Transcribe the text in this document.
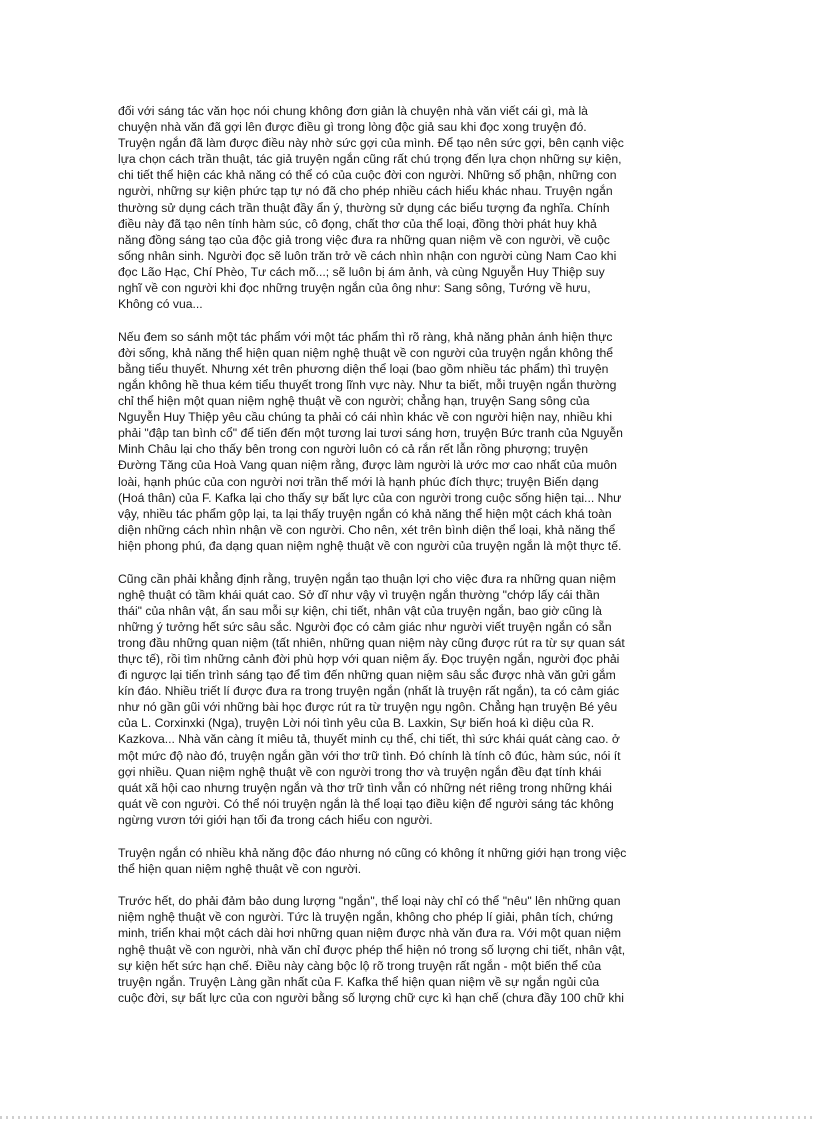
đối với sáng tác văn học nói chung không đơn giản là chuyện nhà văn viết cái gì, mà là
chuyện nhà văn đã gợi lên được điều gì trong lòng độc giả sau khi đọc xong truyện đó.
Truyện ngắn đã làm được điều này nhờ sức gợi của mình. Để tạo nên sức gợi, bên cạnh việc
lựa chọn cách trần thuật, tác giả truyện ngắn cũng rất chú trọng đến lựa chọn những sự kiện,
chi tiết thể hiện các khả năng có thể có của cuộc đời con người. Những số phận, những con
người, những sự kiện phức tạp tự nó đã cho phép nhiều cách hiểu khác nhau. Truyện ngắn
thường sử dụng cách trần thuật đầy ẩn ý, thường sử dụng các biểu tượng đa nghĩa. Chính
điều này đã tạo nên tính hàm súc, cô đọng, chất thơ của thể loại, đồng thời phát huy khả
năng đồng sáng tạo của độc giả trong việc đưa ra những quan niệm về con người, về cuộc
sống nhân sinh. Người đọc sẽ luôn trăn trở về cách nhìn nhận con người cùng Nam Cao khi
đọc Lão Hạc, Chí Phèo, Tư cách mõ...; sẽ luôn bị ám ảnh, và cùng Nguyễn Huy Thiệp suy
nghĩ về con người khi đọc những truyện ngắn của ông như: Sang sông, Tướng về hưu,
Không có vua...

Nếu đem so sánh một tác phẩm với một tác phẩm thì rõ ràng, khả năng phản ánh hiện thực
đời sống, khả năng thể hiện quan niệm nghệ thuật về con người của truyện ngắn không thể
bằng tiểu thuyết. Nhưng xét trên phương diện thể loại (bao gồm nhiều tác phẩm) thì truyện
ngắn không hề thua kém tiểu thuyết trong lĩnh vực này. Như ta biết, mỗi truyện ngắn thường
chỉ thể hiện một quan niệm nghệ thuật về con người; chẳng hạn, truyện Sang sông của
Nguyễn Huy Thiệp yêu cầu chúng ta phải có cái nhìn khác về con người hiện nay, nhiều khi
phải "đập tan bình cổ" để tiến đến một tương lai tươi sáng hơn, truyện Bức tranh của Nguyễn
Minh Châu lại cho thấy bên trong con người luôn có cả rắn rết lẫn rồng phượng; truyện
Đường Tăng của Hoà Vang quan niệm rằng, được làm người là ước mơ cao nhất của muôn
loài, hạnh phúc của con người nơi trần thế mới là hạnh phúc đích thực; truyện Biến dạng
(Hoá thân) của F. Kafka lại cho thấy sự bất lực của con người trong cuộc sống hiện tại... Như
vậy, nhiều tác phẩm gộp lại, ta lại thấy truyện ngắn có khả năng thể hiện một cách khá toàn
diện những cách nhìn nhận về con người. Cho nên, xét trên bình diện thể loại, khả năng thể
hiện phong phú, đa dạng quan niệm nghệ thuật về con người của truyện ngắn là một thực tế.

Cũng cần phải khẳng định rằng, truyện ngắn tạo thuận lợi cho việc đưa ra những quan niệm
nghệ thuật có tầm khái quát cao. Sở dĩ như vậy vì truyện ngắn thường "chớp lấy cái thần
thái" của nhân vật, ẩn sau mỗi sự kiện, chi tiết, nhân vật của truyện ngắn, bao giờ cũng là
những ý tưởng hết sức sâu sắc. Người đọc có cảm giác như người viết truyện ngắn có sẵn
trong đầu những quan niệm (tất nhiên, những quan niệm này cũng được rút ra từ sự quan sát
thực tế), rồi tìm những cảnh đời phù hợp với quan niệm ấy. Đọc truyện ngắn, người đọc phải
đi ngược lại tiến trình sáng tạo để tìm đến những quan niệm sâu sắc được nhà văn gửi gắm
kín đáo. Nhiều triết lí được đưa ra trong truyện ngắn (nhất là truyện rất ngắn), ta có cảm giác
như nó gần gũi với những bài học được rút ra từ truyện ngụ ngôn. Chẳng hạn truyện Bé yêu
của L. Corxinxki (Nga), truyện Lời nói tình yêu của B. Laxkin, Sự biến hoá kì diệu của R.
Kazkova... Nhà văn càng ít miêu tả, thuyết minh cụ thể, chi tiết, thì sức khái quát càng cao. ở
một mức độ nào đó, truyện ngắn gần với thơ trữ tình. Đó chính là tính cô đúc, hàm súc, nói ít
gợi nhiều. Quan niệm nghệ thuật về con người trong thơ và truyện ngắn đều đạt tính khái
quát xã hội cao nhưng truyện ngắn và thơ trữ tình vẫn có những nét riêng trong những khái
quát về con người. Có thể nói truyện ngắn là thể loại tạo điều kiện để người sáng tác không
ngừng vươn tới giới hạn tối đa trong cách hiểu con người.

Truyện ngắn có nhiều khả năng độc đáo nhưng nó cũng có không ít những giới hạn trong việc
thể hiện quan niệm nghệ thuật về con người.

Trước hết, do phải đảm bảo dung lượng "ngắn", thể loại này chỉ có thể "nêu" lên những quan
niệm nghệ thuật về con người. Tức là truyện ngắn, không cho phép lí giải, phân tích, chứng
minh, triển khai một cách dài hơi những quan niệm được nhà văn đưa ra. Với một quan niệm
nghệ thuật về con người, nhà văn chỉ được phép thể hiện nó trong số lượng chi tiết, nhân vật,
sự kiện hết sức hạn chế. Điều này càng bộc lộ rõ trong truyện rất ngắn - một biến thể của
truyện ngắn. Truyện Làng gần nhất của F. Kafka thể hiện quan niệm về sự ngắn ngủi của
cuộc đời, sự bất lực của con người bằng số lượng chữ cực kì hạn chế (chưa đầy 100 chữ khi
